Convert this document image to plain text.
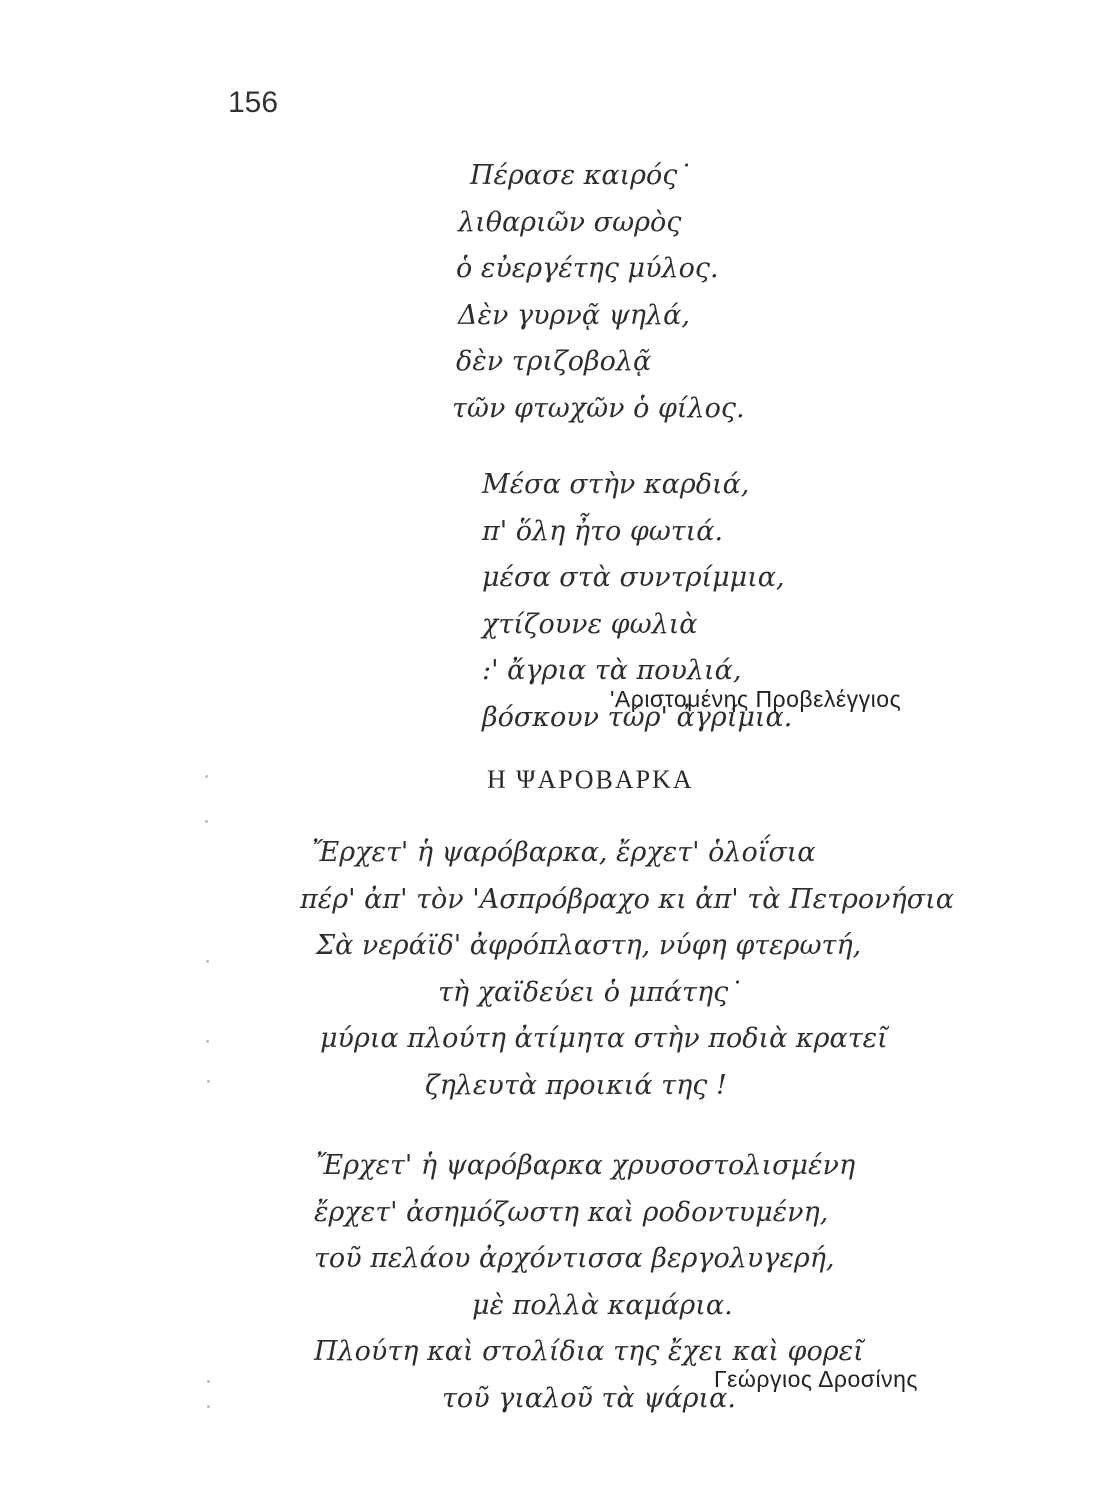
156
Πέρασε καιρός˙
λιθαριῶν σωρὸς
ὁ εὐεργέτης μύλος.
Δὲν γυρνᾷ ψηλά,
δὲν τριζοβολᾷ
τῶν φτωχῶν ὁ φίλος.
Μέσα στὴν καρδιά,
π' ὅλη ἦτο φωτιά.
μέσα στὰ συντρίμμια,
χτίζουνε φωλιὰ
:' ἄγρια τὰ πουλιά,
βόσκουν τώρ' ἀγρίμια.
'Αριστομένης Προβελέγγιος
Η ΨΑΡΟΒΑΡΚΑ
Ἔρχετ' ἡ ψαρόβαρκα, ἔρχετ' ὁλοΐσια
πέρ' ἀπ' τὸν 'Ασπρόβραχο κι ἀπ' τὰ Πετρονήσια
Σὰ νεράϊδ' ἀφρόπλαστη, νύφη φτερωτή,
τὴ χαϊδεύει ὁ μπάτης˙
μύρια πλούτη ἀτίμητα στὴν ποδιὰ κρατεῖ
ζηλευτὰ προικιά της !
Ἔρχετ' ἡ ψαρόβαρκα χρυσοστολισμένη
ἔρχετ' ἀσημόζωστη καὶ ροδοντυμένη,
τοῦ πελάου ἀρχόντισσα βεργολυγερή,
μὲ πολλὰ καμάρια.
Πλούτη καὶ στολίδια της ἔχει καὶ φορεῖ
τοῦ γιαλοῦ τὰ ψάρια.
Γεώργιος Δροσίνης
